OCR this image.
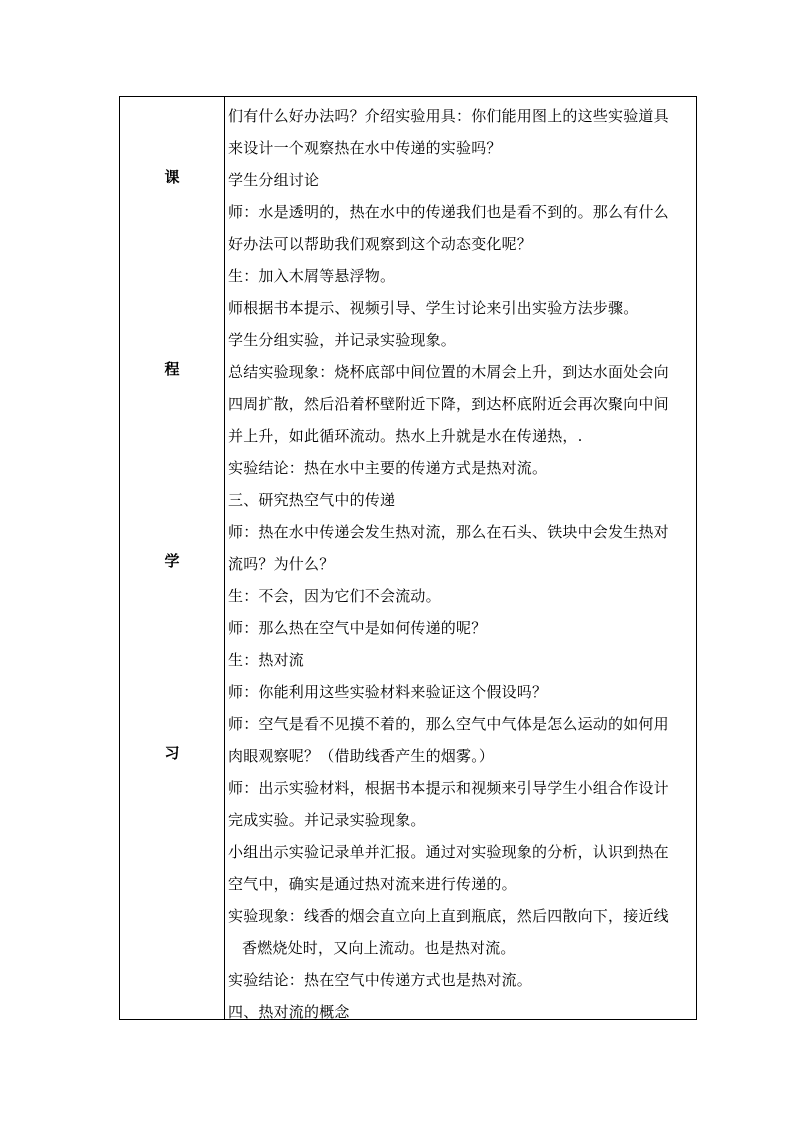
课
程
学
习
们有什么好办法吗？介绍实验用具：你们能用图上的这些实验道具
来设计一个观察热在水中传递的实验吗？
学生分组讨论
师：水是透明的，热在水中的传递我们也是看不到的。那么有什么
好办法可以帮助我们观察到这个动态变化呢？
生：加入木屑等悬浮物。
师根据书本提示、视频引导、学生讨论来引出实验方法步骤。
学生分组实验，并记录实验现象。
总结实验现象：烧杯底部中间位置的木屑会上升，到达水面处会向
四周扩散，然后沿着杯壁附近下降，到达杯底附近会再次聚向中间
并上升，如此循环流动。热水上升就是水在传递热，.
实验结论：热在水中主要的传递方式是热对流。
三、研究热空气中的传递
师：热在水中传递会发生热对流，那么在石头、铁块中会发生热对
流吗？为什么？
生：不会，因为它们不会流动。
师：那么热在空气中是如何传递的呢？
生：热对流
师：你能利用这些实验材料来验证这个假设吗？
师：空气是看不见摸不着的，那么空气中气体是怎么运动的如何用
肉眼观察呢？（借助线香产生的烟雾。）
师：出示实验材料，根据书本提示和视频来引导学生小组合作设计
完成实验。并记录实验现象。
小组出示实验记录单并汇报。通过对实验现象的分析，认识到热在
空气中，确实是通过热对流来进行传递的。
实验现象：线香的烟会直立向上直到瓶底，然后四散向下，接近线
香燃烧处时，又向上流动。也是热对流。
实验结论：热在空气中传递方式也是热对流。
四、热对流的概念
